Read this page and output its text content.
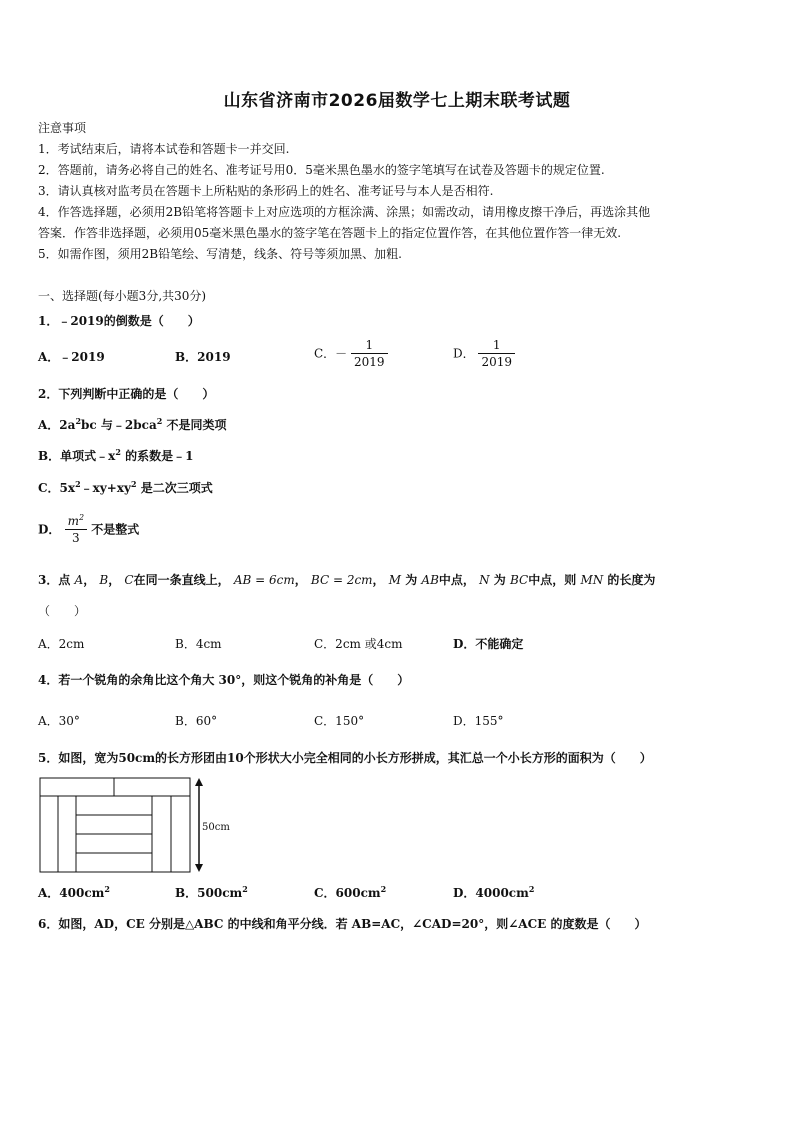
山东省济南市2026届数学七上期末联考试题
注意事项
1．考试结束后，请将本试卷和答题卡一并交回.
2．答题前，请务必将自己的姓名、准考证号用0．5毫米黑色墨水的签字笔填写在试卷及答题卡的规定位置.
3．请认真核对监考员在答题卡上所粘贴的条形码上的姓名、准考证号与本人是否相符.
4．作答选择题，必须用2B铅笔将答题卡上对应选项的方框涂满、涂黑；如需改动，请用橡皮擦干净后，再选涂其他
答案．作答非选择题，必须用05毫米黑色墨水的签字笔在答题卡上的指定位置作答，在其他位置作答一律无效.
5．如需作图，须用2B铅笔绘、写清楚，线条、符号等须加黑、加粗.
一、选择题(每小题3分,共30分)
1．﹣2019的倒数是（　　）
A．﹣2019	B．2019	C．－ $\frac{1}{2019}$	D． $\frac{1}{2019}$
2．下列判断中正确的是（　　）
A．$2a^2bc$ 与﹣2bca$^2$ 不是同类项
B．单项式$﹣x^2$ 的系数是﹣1
C．$5x^2﹣xy+xy^2$ 是二次三项式
D． $\frac{m^2}{3}$ 不是整式
3．点 A， B， C在同一条直线上， AB = 6cm， BC = 2cm， M 为 AB中点， N 为 BC中点，则 MN 的长度为
（　　）
A．2cm	B．4cm	C．2cm 或4cm	D．不能确定
4．若一个锐角的余角比这个角大 30°，则这个锐角的补角是（　　）
A．30°	B．60°	C．150°	D．155°
5．如图，宽为50cm的长方形团由10个形状大小完全相同的小长方形拼成，其汇总一个小长方形的面积为（　　）
50cm
A．$400cm^2$	B．$500cm^2$	C．$600cm^2$	D．$4000cm^2$
6．如图，AD，CE 分别是△ABC 的中线和角平分线．若 AB=AC，∠CAD=20°，则∠ACE 的度数是（　　）
